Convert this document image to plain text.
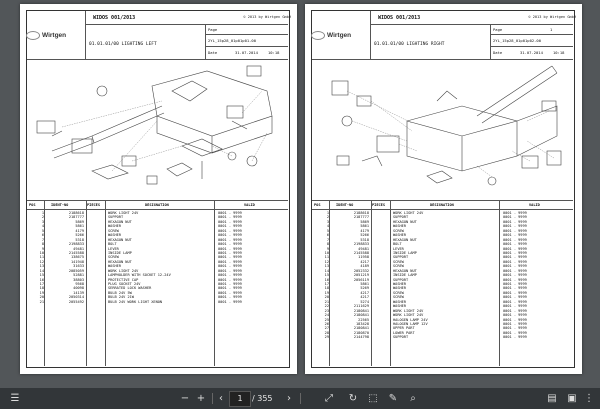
WIDOS 001/2013	© 2013 by Wirtgen GmbH
Wirtgen
01.01.01/00 LIGHTING LEFT
Page
2YL_15p28_01p01p01-00
Date	31.07.2014	10:18
POS	IDENT-NO	PIECES	DESIGNATION	VALID
1	2188618	WORK LIGHT 24V	0001 - 9999
2	2187777	SUPPORT	0001 - 9999
3	5869	HEXAGON NUT	0001 - 9999
4	5861	WASHER	0001 - 9999
5	4179	SCREW	0001 - 9999
6	5266	WASHER	0001 - 9999
7	5318	HEXAGON NUT	0001 - 9999
8	2198833	BOLT	0001 - 9999
9	49481	LEVER	0001 - 9999
10	2145588	INSIDE LAMP	0001 - 9999
11	138675	SCREW	0001 - 9999
12	141948	HEXAGON NUT	0001 - 9999
13	31633	WASHER	0001 - 9999
14	2085059	WORK LIGHT 24V	0001 - 9999
15	52881	LAMPHOLDER WITH SOCKET 12-24V	0001 - 9999
16	38803	PROTECTIVE CAP	0001 - 9999
17	9568	PLUG SOCKET 24V	0001 - 9999
18	40098	SERRATED LOCK WASHER	0001 - 9999
19	14139	BULB 24V 5W	0001 - 9999
20	2050314	BULB 24V 21W	0001 - 9999
21	2055492	BULB 24V WORK LIGHT XENON	0001 - 9999
WIDOS 001/2013	© 2013 by Wirtgen GmbH
Wirtgen
01.01.01/00 LIGHTING RIGHT
Page	1
2YL_15p28_01p01p02-00
Date	31.07.2014	10:18
POS	IDENT-NO	PIECES	DESIGNATION	VALID
1	2188618	WORK LIGHT 24V	0001 - 9999
2	2187777	SUPPORT	0001 - 9999
3	5869	HEXAGON NUT	0001 - 9999
4	5861	WASHER	0001 - 9999
5	4179	SCREW	0001 - 9999
6	5266	WASHER	0001 - 9999
7	5318	HEXAGON NUT	0001 - 9999
8	2198833	BOLT	0001 - 9999
9	49481	LEVER	0001 - 9999
10	2145588	INSIDE LAMP	0001 - 9999
11	11958	SUPPORT	0001 - 9999
12	4217	SCREW	0001 - 9999
13	4189	SCREW	0001 - 9999
14	2052332	HEXAGON NUT	0001 - 9999
15	2051219	INSIDE LAMP	0001 - 9999
16	2056119	SUPPORT	0001 - 9999
17	5861	WASHER	0001 - 9999
18	5269	WASHER	0001 - 9999
19	4217	SCREW	0001 - 9999
20	4217	SCREW	0001 - 9999
21	5274	WASHER	0001 - 9999
22	2111629	WASHER	0001 - 9999
23	2180841	WORK LIGHT 24V	0001 - 9999
24	2180841	WORK LIGHT 24V	0001 - 9999
25	22565	HALOGEN LAMP 24V	0001 - 9999
26	183428	HALOGEN LAMP 12V	0001 - 9999
27	2180841	UPPER PART	0001 - 9999
28	2180870	LOWER PART	0001 - 9999
29	2144798	SUPPORT	0001 - 9999
☰	− +	‹	1	/ 355	›	⤢	↻ ⬚ ✎	⌕	▤ ▣ ⋮
